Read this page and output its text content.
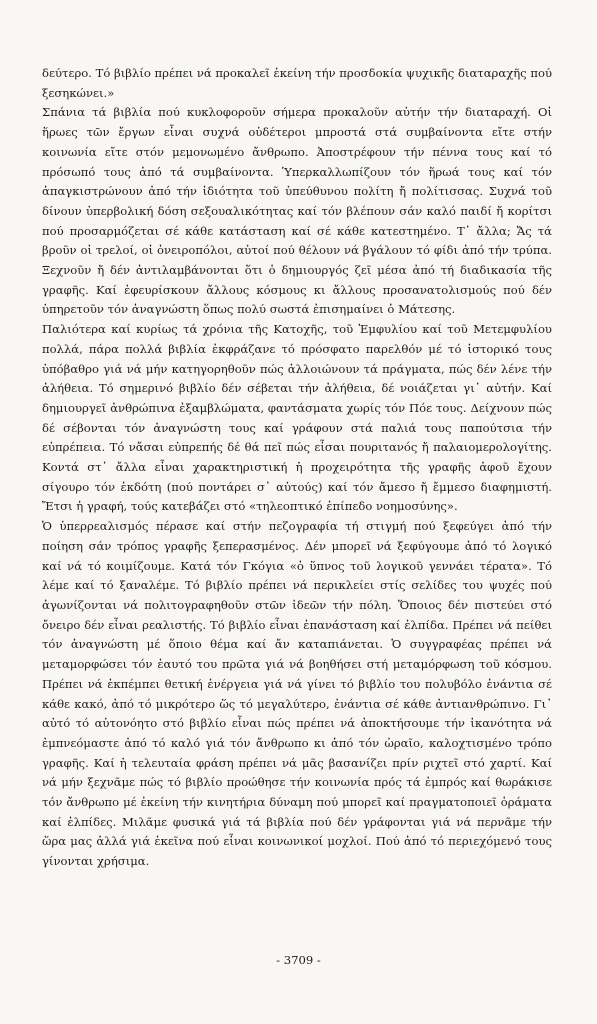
δεύτερο. Τό βιβλίο πρέπει νά προκαλεῖ ἐκείνη τήν προσδοκία ψυχικῆς διαταραχῆς πού ξεσηκώνει.»

Σπάνια τά βιβλία πού κυκλοφοροῦν σήμερα προκαλοῦν αὐτήν τήν διαταραχή. Οἱ ἥρωες τῶν ἔργων εἶναι συχνά οὐδέτεροι μπροστά στά συμβαίνοντα εἴτε στήν κοινωνία εἴτε στόν μεμονωμένο ἄνθρωπο. Ἀποστρέφουν τήν πέννα τους καί τό πρόσωπό τους ἀπό τά συμβαίνοντα. Ὑπερκαλλωπίζουν τόν ἥρωά τους καί τόν ἀπαγκιστρώνουν ἀπό τήν ἰδιότητα τοῦ ὑπεύθυνου πολίτη ἤ πολίτισσας. Συχνά τοῦ δίνουν ὑπερβολική δόση σεξουαλικότητας καί τόν βλέπουν σάν καλό παιδί ἤ κορίτσι πού προσαρμόζεται σέ κάθε κατάσταση καί σέ κάθε κατεστημένο. Τ᾿ ἄλλα; Ἄς τά βροῦν οἱ τρελοί, οἱ ὀνειροπόλοι, αὐτοί πού θέλουν νά βγάλουν τό φίδι ἀπό τήν τρύπα. Ξεχνοῦν ἤ δέν ἀντιλαμβάνονται ὅτι ὁ δημιουργός ζεῖ μέσα ἀπό τή διαδικασία τῆς γραφῆς. Καί ἐφευρίσκουν ἄλλους κόσμους κι ἄλλους προσανατολισμούς πού δέν ὑπηρετοῦν τόν ἀναγνώστη ὅπως πολύ σωστά ἐπισημαίνει ὁ Μάτεσης.

Παλιότερα καί κυρίως τά χρόνια τῆς Κατοχῆς, τοῦ Ἐμφυλίου καί τοῦ Μετεμφυλίου πολλά, πάρα πολλά βιβλία ἐκφράζανε τό πρόσφατο παρελθόν μέ τό ἱστορικό τους ὑπόβαθρο γιά νά μήν κατηγορηθοῦν πώς ἀλλοιώνουν τά πράγματα, πώς δέν λένε τήν ἀλήθεια. Τό σημερινό βιβλίο δέν σέβεται τήν ἀλήθεια, δέ νοιάζεται γι᾿ αὐτήν. Καί δημιουργεῖ ἀνθρώπινα ἐξαμβλώματα, φαντάσματα χωρίς τόν Πόε τους. Δείχνουν πώς δέ σέβονται τόν ἀναγνώστη τους καί γράφουν στά παλιά τους παπούτσια τήν εὐπρέπεια. Τό νἄσαι εὐπρεπής δέ θά πεῖ πώς εἶσαι πουριτανός ἤ παλαιομερολογίτης. Κοντά στ᾿ ἄλλα εἶναι χαρακτηριστική ἡ προχειρότητα τῆς γραφῆς ἀφοῦ ἔχουν σίγουρο τόν ἐκδότη (πού ποντάρει σ᾿ αὐτούς) καί τόν ἄμεσο ἤ ἔμμεσο διαφημιστή. Ἔτσι ἡ γραφή, τούς κατεβάζει στό «τηλεοπτικό ἐπίπεδο νοημοσύνης».

Ὁ ὑπερρεαλισμός πέρασε καί στήν πεζογραφία τή στιγμή πού ξεφεύγει ἀπό τήν ποίηση σάν τρόπος γραφῆς ξεπερασμένος. Δέν μπορεῖ νά ξεφύγουμε ἀπό τό λογικό καί νά τό κοιμίζουμε. Κατά τόν Γκόγια «ὁ ὕπνος τοῦ λογικοῦ γεννάει τέρατα». Τό λέμε καί τό ξαναλέμε. Τό βιβλίο πρέπει νά περικλείει στίς σελίδες του ψυχές πού ἀγωνίζονται νά πολιτογραφηθοῦν στῶν ἰδεῶν τήν πόλη. Ὅποιος δέν πιστεύει στό ὄνειρο δέν εἶναι ρεαλιστής. Τό βιβλίο εἶναι ἐπανάσταση καί ἐλπίδα. Πρέπει νά πείθει τόν ἀναγνώστη μέ ὅποιο θέμα καί ἄν καταπιάνεται. Ὁ συγγραφέας πρέπει νά μεταμορφώσει τόν ἑαυτό του πρῶτα γιά νά βοηθήσει στή μεταμόρφωση τοῦ κόσμου. Πρέπει νά ἐκπέμπει θετική ἐνέργεια γιά νά γίνει τό βιβλίο του πολυβόλο ἐνάντια σέ κάθε κακό, ἀπό τό μικρότερο ὥς τό μεγαλύτερο, ἐνάντια σέ κάθε ἀντιανθρώπινο. Γι᾿ αὐτό τό αὐτονόητο στό βιβλίο εἶναι πώς πρέπει νά ἀποκτήσουμε τήν ἱκανότητα νά ἐμπνεόμαστε ἀπό τό καλό γιά τόν ἄνθρωπο κι ἀπό τόν ὡραῖο, καλοχτισμένο τρόπο γραφῆς. Καί ἡ τελευταία φράση πρέπει νά μᾶς βασανίζει πρίν ριχτεῖ στό χαρτί. Καί νά μήν ξεχνᾶμε πώς τό βιβλίο προώθησε τήν κοινωνία πρός τά ἐμπρός καί θωράκισε τόν ἄνθρωπο μέ ἐκείνη τήν κινητήρια δύναμη πού μπορεῖ καί πραγματοποιεῖ ὁράματα καί ἐλπίδες. Μιλᾶμε φυσικά γιά τά βιβλία πού δέν γράφονται γιά νά περνᾶμε τήν ὥρα μας ἀλλά γιά ἐκεῖνα πού εἶναι κοινωνικοί μοχλοί. Πού ἀπό τό περιεχόμενό τους γίνονται χρήσιμα.

- 3709 -
